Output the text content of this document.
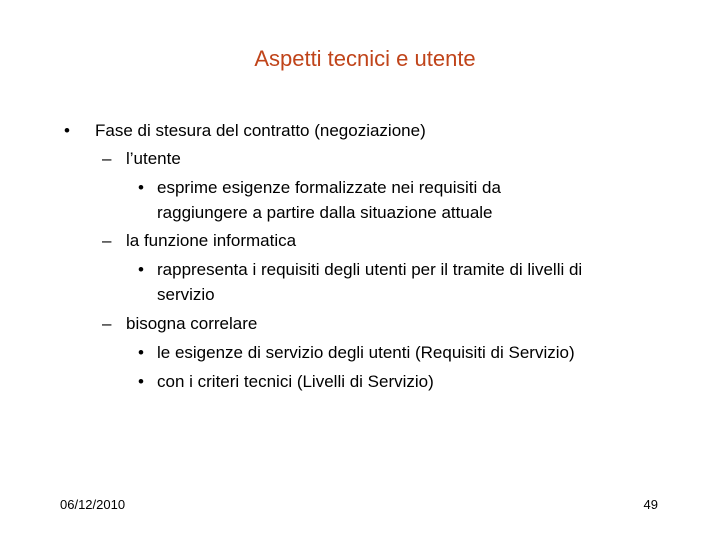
Aspetti tecnici e utente
• Fase di stesura del contratto (negoziazione)
– l’utente
• esprime esigenze formalizzate nei requisiti da
raggiungere a partire dalla situazione attuale
– la funzione informatica
• rappresenta i requisiti degli utenti per il tramite di livelli di
servizio
– bisogna correlare
• le esigenze di servizio degli utenti (Requisiti di Servizio)
• con i criteri tecnici (Livelli di Servizio)
06/12/2010	49
